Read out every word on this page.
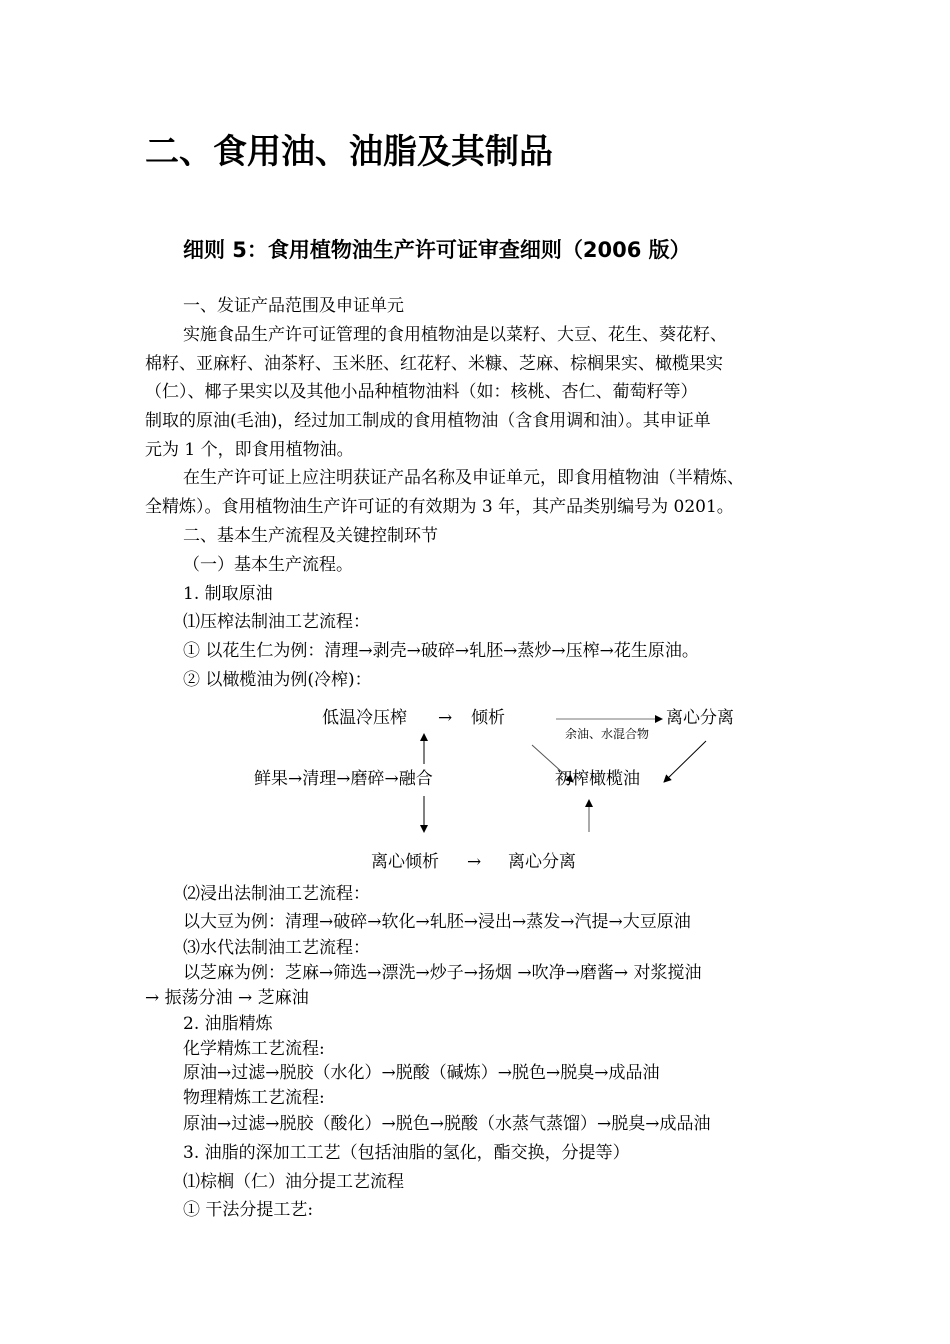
二、食用油、油脂及其制品
细则 5：食用植物油生产许可证审查细则（2006 版）
一、发证产品范围及申证单元
实施食品生产许可证管理的食用植物油是以菜籽、大豆、花生、葵花籽、
棉籽、亚麻籽、油茶籽、玉米胚、红花籽、米糠、芝麻、棕榈果实、橄榄果实
（仁）、椰子果实以及其他小品种植物油料（如：核桃、杏仁、葡萄籽等）
制取的原油(毛油)，经过加工制成的食用植物油（含食用调和油）。其申证单
元为 1 个，即食用植物油。
在生产许可证上应注明获证产品名称及申证单元，即食用植物油（半精炼、
全精炼）。食用植物油生产许可证的有效期为 3 年，其产品类别编号为 0201。
二、基本生产流程及关键控制环节
（一）基本生产流程。
1. 制取原油
⑴压榨法制油工艺流程：
① 以花生仁为例：清理→剥壳→破碎→轧胚→蒸炒→压榨→花生原油。
② 以橄榄油为例(冷榨)：
低温冷压榨 → 倾析	离心分离
余油、水混合物
鲜果→清理→磨碎→融合	初榨橄榄油
离心倾析 → 离心分离
⑵浸出法制油工艺流程：
以大豆为例：清理→破碎→软化→轧胚→浸出→蒸发→汽提→大豆原油
⑶水代法制油工艺流程：
以芝麻为例：芝麻→筛选→漂洗→炒子→扬烟 →吹净→磨酱→ 对浆搅油
→ 振荡分油 → 芝麻油
2. 油脂精炼
化学精炼工艺流程:
原油→过滤→脱胶（水化）→脱酸（碱炼）→脱色→脱臭→成品油
物理精炼工艺流程:
原油→过滤→脱胶（酸化）→脱色→脱酸（水蒸气蒸馏）→脱臭→成品油
3. 油脂的深加工工艺（包括油脂的氢化，酯交换，分提等）
⑴棕榈（仁）油分提工艺流程
① 干法分提工艺:
